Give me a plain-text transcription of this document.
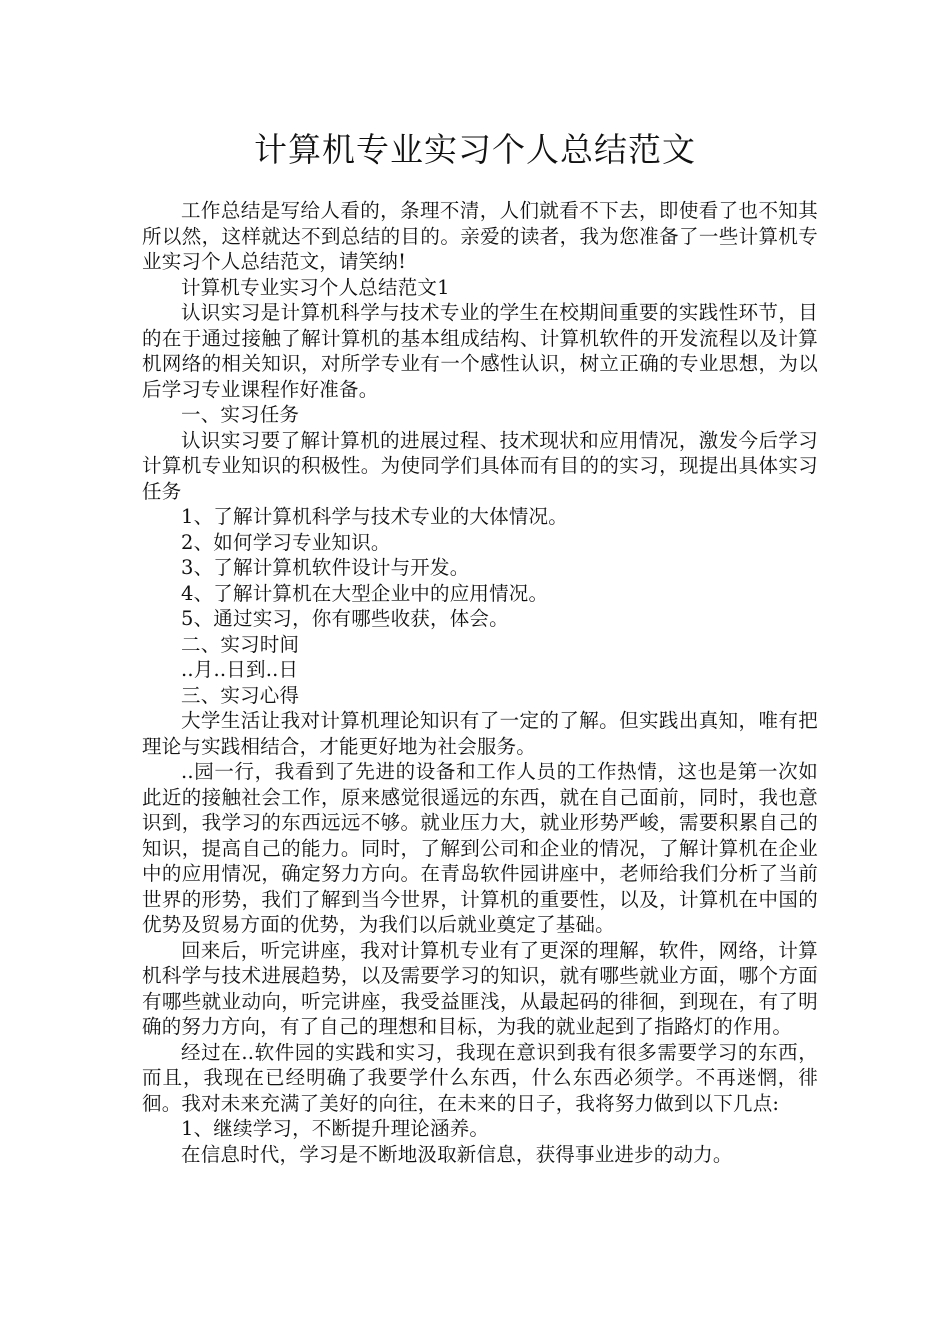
计算机专业实习个人总结范文

工作总结是写给人看的，条理不清，人们就看不下去，即使看了也不知其所以然，这样就达不到总结的目的。亲爱的读者，我为您准备了一些计算机专业实习个人总结范文，请笑纳!

计算机专业实习个人总结范文1

认识实习是计算机科学与技术专业的学生在校期间重要的实践性环节，目的在于通过接触了解计算机的基本组成结构、计算机软件的开发流程以及计算机网络的相关知识，对所学专业有一个感性认识，树立正确的专业思想，为以后学习专业课程作好准备。

一、实习任务

认识实习要了解计算机的进展过程、技术现状和应用情况，激发今后学习计算机专业知识的积极性。为使同学们具体而有目的的实习，现提出具体实习任务

1、了解计算机科学与技术专业的大体情况。

2、如何学习专业知识。

3、了解计算机软件设计与开发。

4、了解计算机在大型企业中的应用情况。

5、通过实习，你有哪些收获，体会。

二、实习时间

..月..日到..日

三、实习心得

大学生活让我对计算机理论知识有了一定的了解。但实践出真知，唯有把理论与实践相结合，才能更好地为社会服务。

..园一行，我看到了先进的设备和工作人员的工作热情，这也是第一次如此近的接触社会工作，原来感觉很遥远的东西，就在自己面前，同时，我也意识到，我学习的东西远远不够。就业压力大，就业形势严峻，需要积累自己的知识，提高自己的能力。同时，了解到公司和企业的情况，了解计算机在企业中的应用情况，确定努力方向。在青岛软件园讲座中，老师给我们分析了当前世界的形势，我们了解到当今世界，计算机的重要性，以及，计算机在中国的优势及贸易方面的优势，为我们以后就业奠定了基础。

回来后，听完讲座，我对计算机专业有了更深的理解，软件，网络，计算机科学与技术进展趋势，以及需要学习的知识，就有哪些就业方面，哪个方面有哪些就业动向，听完讲座，我受益匪浅，从最起码的徘徊，到现在，有了明确的努力方向，有了自己的理想和目标，为我的就业起到了指路灯的作用。

经过在..软件园的实践和实习，我现在意识到我有很多需要学习的东西，而且，我现在已经明确了我要学什么东西，什么东西必须学。不再迷惘，徘徊。我对未来充满了美好的向往，在未来的日子，我将努力做到以下几点:

1、继续学习，不断提升理论涵养。

在信息时代，学习是不断地汲取新信息，获得事业进步的动力。
